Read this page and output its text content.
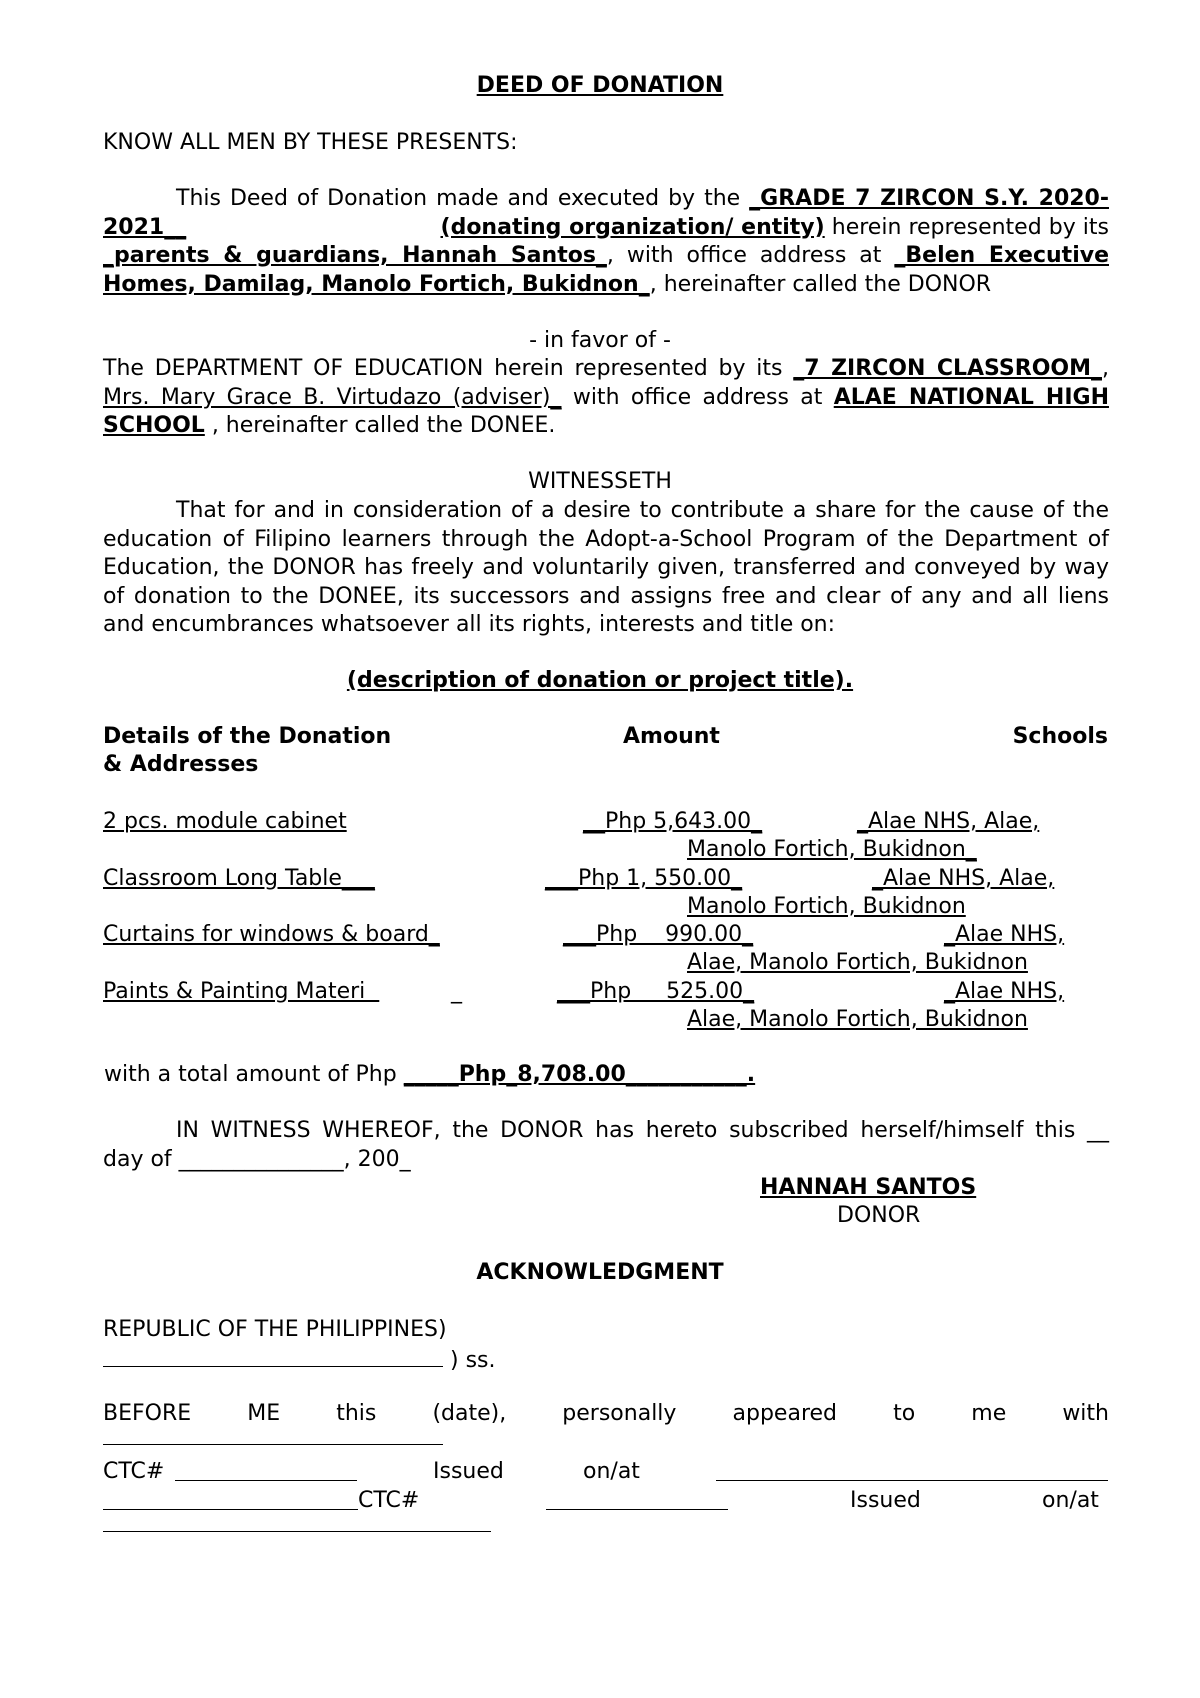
DEED OF DONATION
KNOW ALL MEN BY THESE PRESENTS:
This Deed of Donation made and executed by the _GRADE 7 ZIRCON S.Y. 2020-2021__	(donating organization/ entity) herein represented by its _parents & guardians, Hannah Santos_, with office address at _Belen Executive Homes, Damilag, Manolo Fortich, Bukidnon_, hereinafter called the DONOR
- in favor of -
The DEPARTMENT OF EDUCATION herein represented by its _7 ZIRCON CLASSROOM_, Mrs. Mary Grace B. Virtudazo (adviser)_ with office address at ALAE NATIONAL HIGH SCHOOL , hereinafter called the DONEE.
WITNESSETH
That for and in consideration of a desire to contribute a share for the cause of the education of Filipino learners through the Adopt-a-School Program of the Department of Education, the DONOR has freely and voluntarily given, transferred and conveyed by way of donation to the DONEE, its successors and assigns free and clear of any and all liens and encumbrances whatsoever all its rights, interests and title on:
(description of donation or project title).
Details of the Donation	Amount	Schools
& Addresses
2 pcs. module cabinet	__Php 5,643.00_	_Alae NHS, Alae,
Manolo Fortich, Bukidnon_
Classroom Long Table___	___Php 1, 550.00_	_Alae NHS, Alae,
Manolo Fortich, Bukidnon
Curtains for windows & board_	___Php    990.00_	_Alae NHS,
Alae, Manolo Fortich, Bukidnon
Paints & Painting Materi	_	___Php     525.00_	_Alae NHS,
Alae, Manolo Fortich, Bukidnon
with a total amount of Php _____Php_8,708.00___________.
IN WITNESS WHEREOF, the DONOR has hereto subscribed herself/himself this __ day of _______________, 200_
HANNAH SANTOS
DONOR
ACKNOWLEDGMENT
REPUBLIC OF THE PHILIPPINES)
) ss.
BEFORE	ME	this	(date),	personally	appeared	to	me	with
CTC#	Issued	on/at
CTC#	Issued	on/at
